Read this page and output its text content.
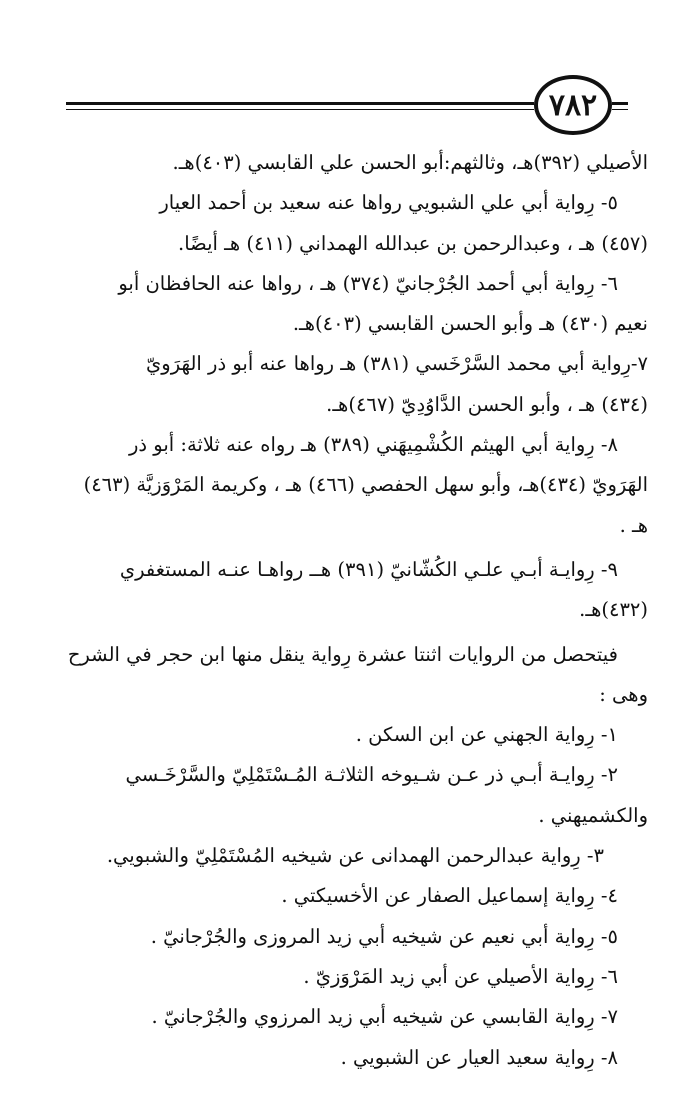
٧٨٢
الأصيلي (٣٩٢)هـ، وثالثهم:أبو الحسن علي القابسي (٤٠٣)هـ.
٥- رِواية أبي علي الشبويي رواها عنه سعيد بن أحمد العيار
(٤٥٧) هـ ، وعبدالرحمن بن عبدالله الهمداني (٤١١) هـ أيضًا.
٦- رِواية أبي أحمد الجُرْجانيّ (٣٧٤) هـ ، رواها عنه الحافظان أبو
نعيم (٤٣٠) هـ وأبو الحسن القابسي (٤٠٣)هـ.
٧-رِواية أبي محمد السَّرْخَسي (٣٨١) هـ رواها عنه أبو ذر الهَرَويّ
(٤٣٤) هـ ، وأبو الحسن الدَّاوُدِيّ (٤٦٧)هـ.
٨- رِواية أبي الهيثم الكُشْمِيهَني (٣٨٩) هـ رواه عنه ثلاثة: أبو ذر
الهَرَويّ (٤٣٤)هـ، وأبو سهل الحفصي (٤٦٦) هـ ، وكريمة المَرْوَزيَّة (٤٦٣)
هـ .
٩- رِوايـة أبـي علـي الكُشّانيّ (٣٩١) هــ رواهـا عنـه المستغفري
(٤٣٢)هـ.
فيتحصل من الروايات اثنتا عشرة رِواية ينقل منها ابن حجر في الشرح
وهى :
١- رِواية الجهني عن ابن السكن .
٢- رِوايـة أبـي ذر عـن شـيوخه الثلاثـة المُـسْتَمْلِيّ والسَّرْخَـسي
والكشميهني .
٣- رِواية عبدالرحمن الهمدانى عن شيخيه المُسْتَمْلِيّ والشبويي.
٤- رِواية إسماعيل الصفار عن الأخسيكتي .
٥- رِواية أبي نعيم عن شيخيه أبي زيد المروزى والجُرْجانيّ .
٦- رِواية الأصيلي عن أبي زيد المَرْوَزيّ .
٧- رِواية القابسي عن شيخيه أبي زيد المرزوي والجُرْجانيّ .
٨- رِواية سعيد العيار عن الشبويي .
